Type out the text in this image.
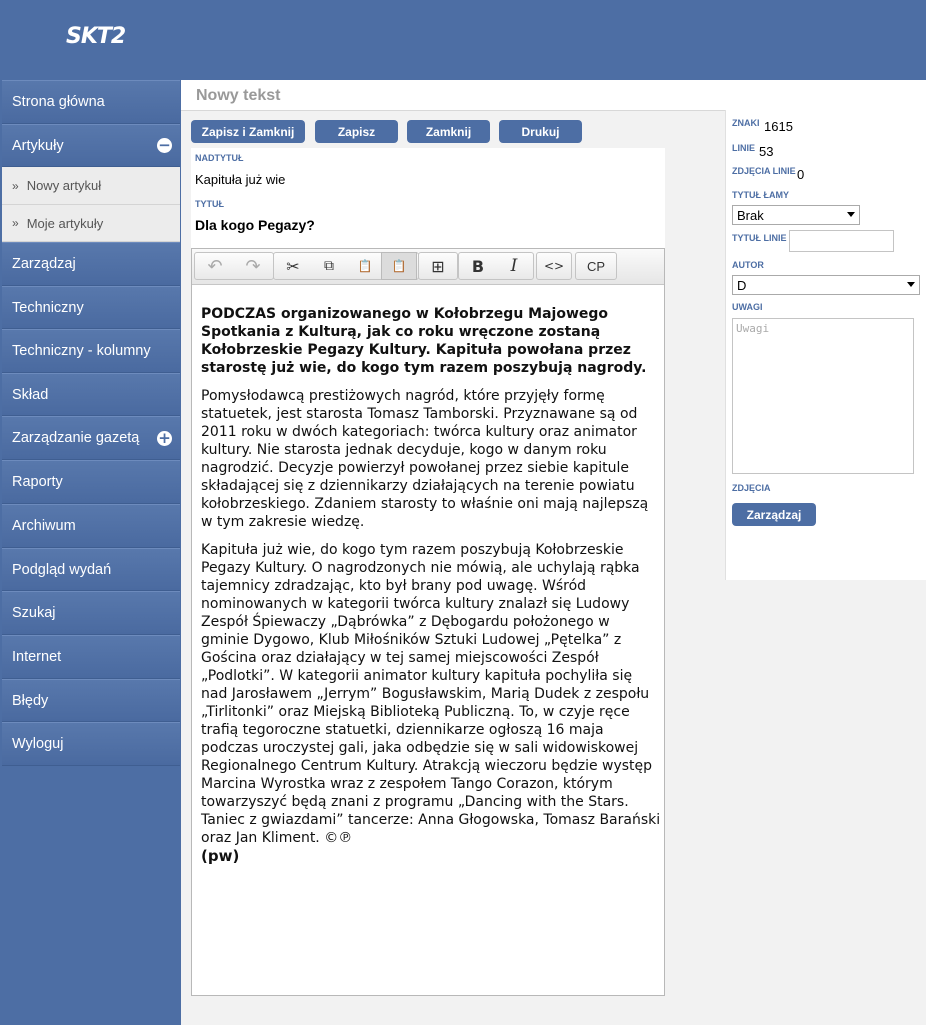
SKT2
Strona główna
Artykuły	−
» Nowy artykuł
» Moje artykuły
Zarządzaj
Techniczny
Techniczny - kolumny
Skład
Zarządzanie gazetą +
Raporty
Archiwum
Podgląd wydań
Szukaj
Internet
Błędy
Wyloguj
Nowy tekst
Zapisz i Zamknij	Zapisz	Zamknij	Drukuj
NADTYTUŁ
Kapituła już wie
TYTUŁ
Dla kogo Pegazy?
↶	↷	✂	⧉	📋	📋	⊞	B	I	<>	CP

PODCZAS organizowanego w Kołobrzegu Majowego Spotkania z Kulturą, jak co roku wręczone zostaną Kołobrzeskie Pegazy Kultury. Kapituła powołana przez starostę już wie, do kogo tym razem poszybują nagrody.

Pomysłodawcą prestiżowych nagród, które przyjęły formę statuetek, jest starosta Tomasz Tamborski. Przyznawane są od 2011 roku w dwóch kategoriach: twórca kultury oraz animator kultury. Nie starosta jednak decyduje, kogo w danym roku nagrodzić. Decyzje powierzył powołanej przez siebie kapitule składającej się z dziennikarzy działających na terenie powiatu kołobrzeskiego. Zdaniem starosty to właśnie oni mają najlepszą w tym zakresie wiedzę.

Kapituła już wie, do kogo tym razem poszybują Kołobrzeskie Pegazy Kultury. O nagrodzonych nie mówią, ale uchylają rąbka tajemnicy zdradzając, kto był brany pod uwagę. Wśród nominowanych w kategorii twórca kultury znalazł się Ludowy Zespół Śpiewaczy „Dąbrówka” z Dębogardu położonego w gminie Dygowo, Klub Miłośników Sztuki Ludowej „Pętelka” z Gościna oraz działający w tej samej miejscowości Zespół „Podlotki”. W kategorii animator kultury kapituła pochyliła się nad Jarosławem „Jerrym” Bogusławskim, Marią Dudek z zespołu „Tirlitonki” oraz Miejską Biblioteką Publiczną. To, w czyje ręce trafią tegoroczne statuetki, dziennikarze ogłoszą 16 maja podczas uroczystej gali, jaka odbędzie się w sali widowiskowej Regionalnego Centrum Kultury. Atrakcją wieczoru będzie występ Marcina Wyrostka wraz z zespołem Tango Corazon, którym towarzyszyć będą znani z programu „Dancing with the Stars. Taniec z gwiazdami” tancerze: Anna Głogowska, Tomasz Barański oraz Jan Kliment. ©℗

(pw)
ZNAKI 1615
LINIE 53
ZDJĘCIA LINIE 0
TYTUŁ ŁAMY
Brak
TYTUŁ LINIE
AUTOR
D
UWAGI
Uwagi
ZDJĘCIA
Zarządzaj
